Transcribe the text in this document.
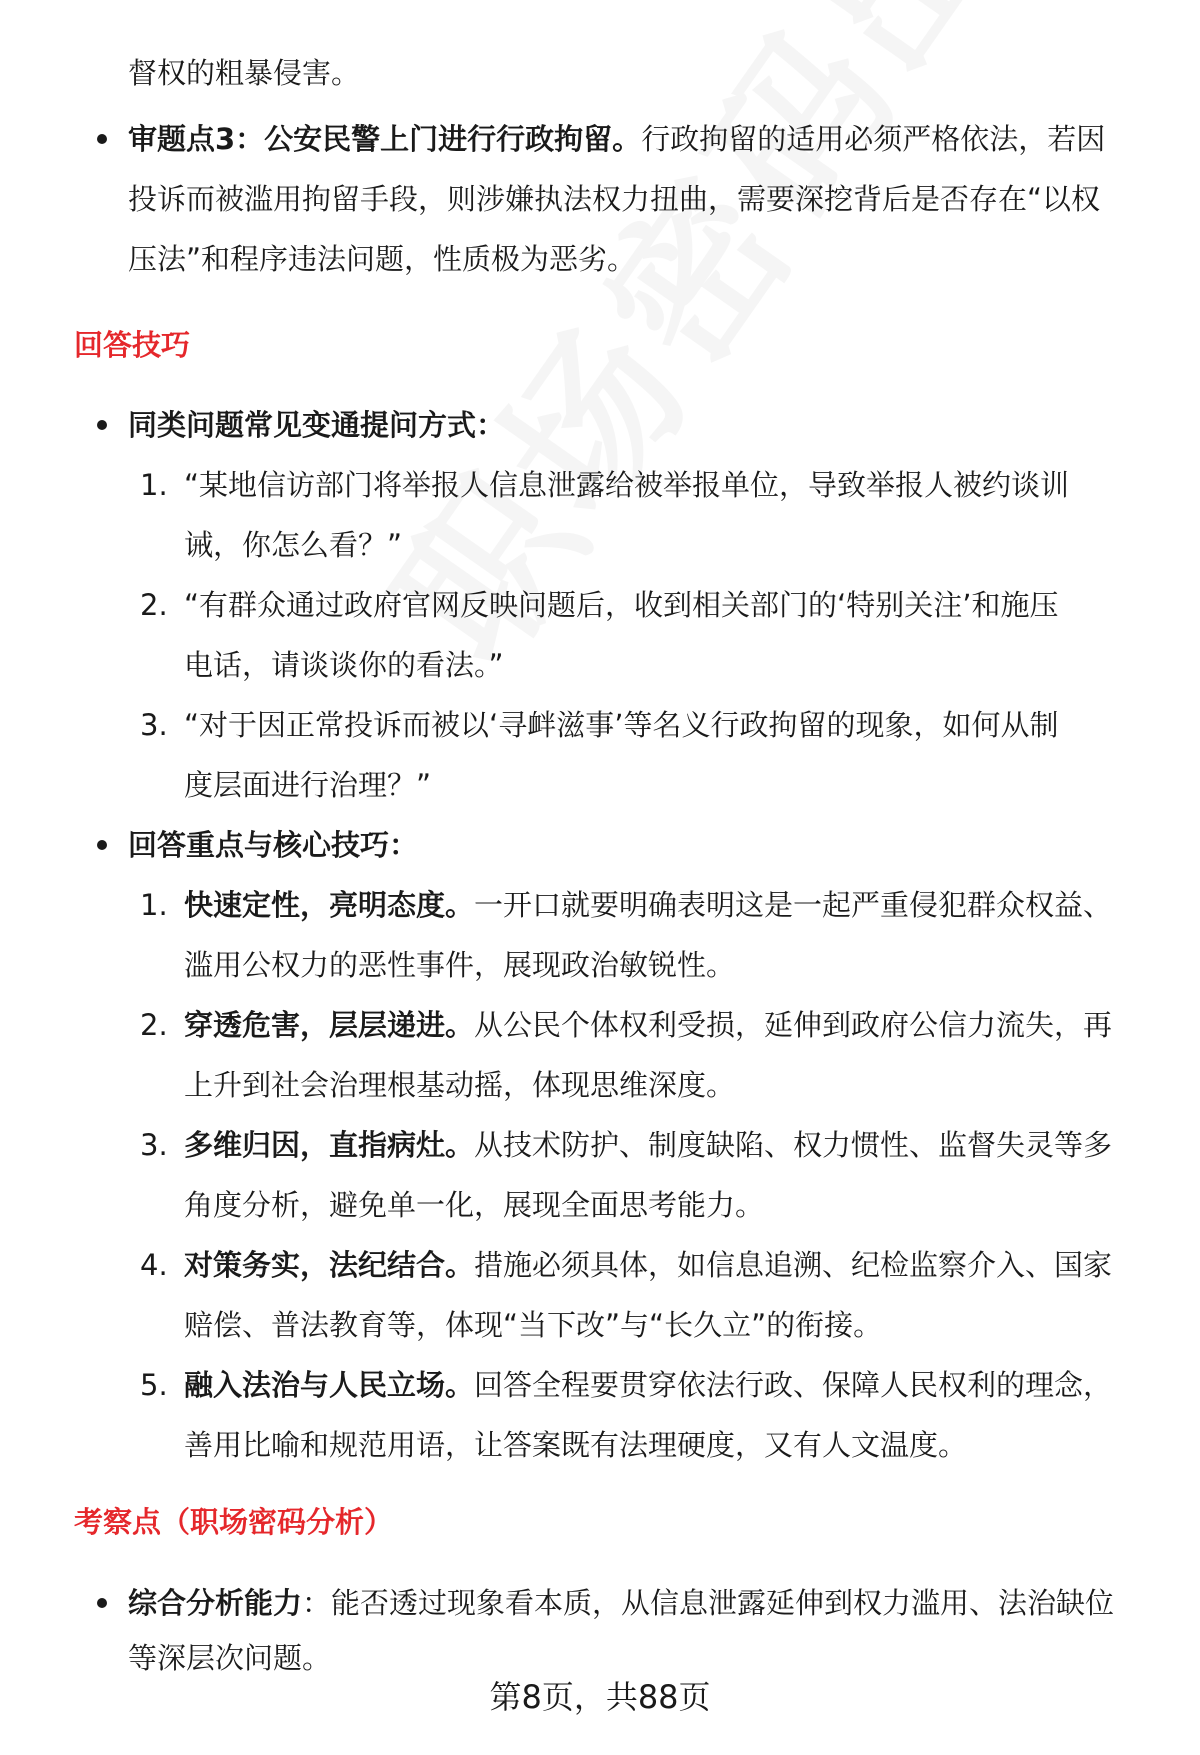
督权的粗暴侵害。
审题点3：公安民警上门进行行政拘留。行政拘留的适用必须严格依法，若因
投诉而被滥用拘留手段，则涉嫌执法权力扭曲，需要深挖背后是否存在“以权
压法”和程序违法问题，性质极为恶劣。
回答技巧
同类问题常见变通提问方式：
1. “某地信访部门将举报人信息泄露给被举报单位，导致举报人被约谈训
诫，你怎么看？”
2. “有群众通过政府官网反映问题后，收到相关部门的‘特别关注’和施压
电话，请谈谈你的看法。”
3. “对于因正常投诉而被以‘寻衅滋事’等名义行政拘留的现象，如何从制
度层面进行治理？”
回答重点与核心技巧：
1. 快速定性，亮明态度。一开口就要明确表明这是一起严重侵犯群众权益、
滥用公权力的恶性事件，展现政治敏锐性。
2. 穿透危害，层层递进。从公民个体权利受损，延伸到政府公信力流失，再
上升到社会治理根基动摇，体现思维深度。
3. 多维归因，直指病灶。从技术防护、制度缺陷、权力惯性、监督失灵等多
角度分析，避免单一化，展现全面思考能力。
4. 对策务实，法纪结合。措施必须具体，如信息追溯、纪检监察介入、国家
赔偿、普法教育等，体现“当下改”与“长久立”的衔接。
5. 融入法治与人民立场。回答全程要贯穿依法行政、保障人民权利的理念，
善用比喻和规范用语，让答案既有法理硬度，又有人文温度。
考察点（职场密码分析）
综合分析能力：能否透过现象看本质，从信息泄露延伸到权力滥用、法治缺位
等深层次问题。
第8页，共88页
